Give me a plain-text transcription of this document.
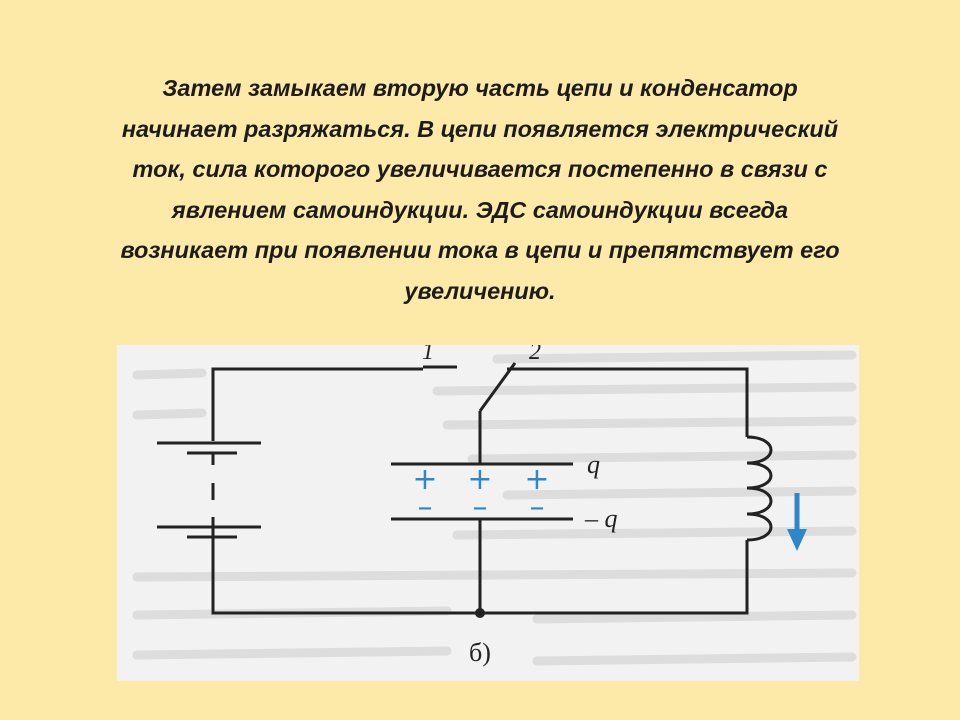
Затем замыкаем вторую часть цепи и конденсатор
начинает разряжаться. В цепи появляется электрический
ток, сила которого увеличивается постепенно в связи с
явлением самоиндукции. ЭДС самоиндукции всегда
возникает при появлении тока в цепи и препятствует его
увеличению.
1	2
+ + +
– – –
q
– q
б)
